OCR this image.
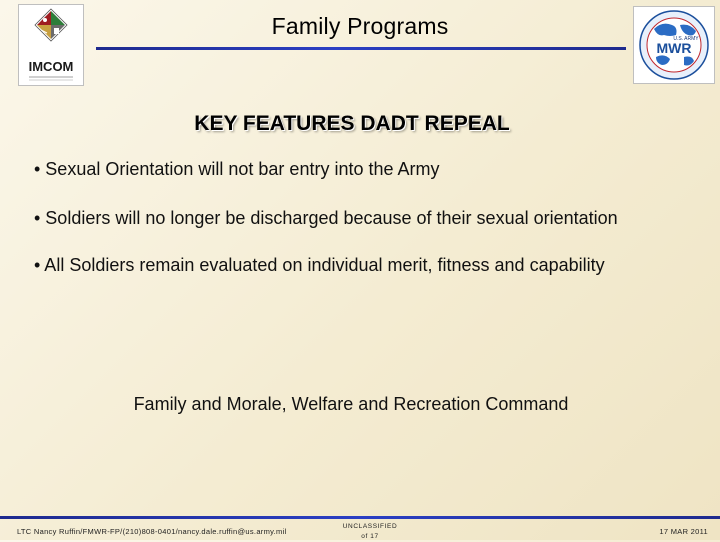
IMCOM
Family Programs	U.S. ARMY
MWR
KEY FEATURES DADT REPEAL
• Sexual Orientation will not bar entry into the Army
• Soldiers will no longer be discharged because of their sexual orientation
• All Soldiers remain evaluated on individual merit, fitness and capability
Family and Morale, Welfare and Recreation Command
LTC Nancy Ruffin/FMWR-FP/(210)808-0401/nancy.dale.ruffin@us.army.mil
UNCLASSIFIED
of 17
17 MAR 2011
